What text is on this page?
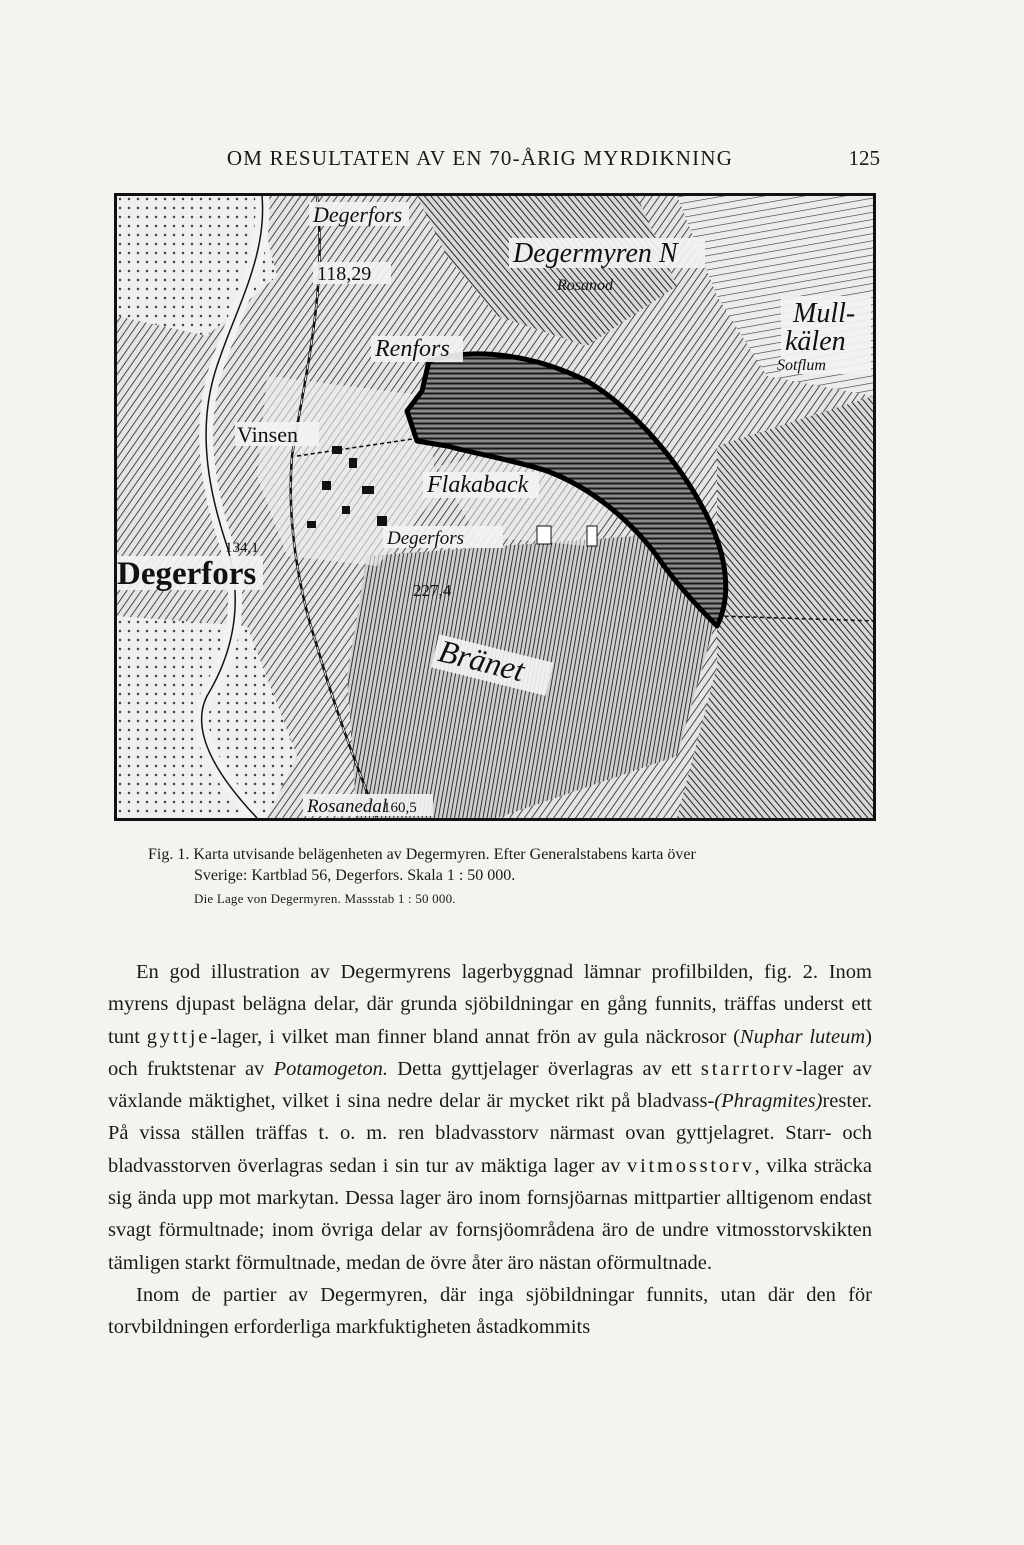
OM RESULTATEN AV EN 70-ÅRIG MYRDIKNING	125
Degerfors
Degermyren N
Rosanod
118,29
Mull-
kälen
Sotflum
Renfors
Vinsen
Flakaback
134,1
Degerfors
Degerfors
227,4
Bränet
Rosanedal
160,5
Fig. 1. Karta utvisande belägenheten av Degermyren. Efter Generalstabens karta över
Sverige: Kartblad 56, Degerfors. Skala 1 : 50 000.
Die Lage von Degermyren. Massstab 1 : 50 000.

En god illustration av Degermyrens lagerbyggnad lämnar profilbilden, fig. 2. Inom myrens djupast belägna delar, där grunda sjöbildningar en gång funnits, träffas underst ett tunt gyttje-lager, i vilket man finner bland annat frön av gula näckrosor (Nuphar luteum) och fruktstenar av Potamogeton. Detta gyttjelager överlagras av ett starrtorv-lager av växlande mäktighet, vilket i sina nedre delar är mycket rikt på bladvass-(Phragmites)rester. På vissa ställen träffas t. o. m. ren bladvasstorv närmast ovan gyttjelagret. Starr- och bladvasstorven överlagras sedan i sin tur av mäktiga lager av vitmosstorv, vilka sträcka sig ända upp mot markytan. Dessa lager äro inom fornsjöarnas mittpartier alltigenom endast svagt förmultnade; inom övriga delar av fornsjöområdena äro de undre vitmosstorvskikten tämligen starkt förmultnade, medan de övre åter äro nästan oförmultnade.

Inom de partier av Degermyren, där inga sjöbildningar funnits, utan där den för torvbildningen erforderliga markfuktigheten åstadkommits
